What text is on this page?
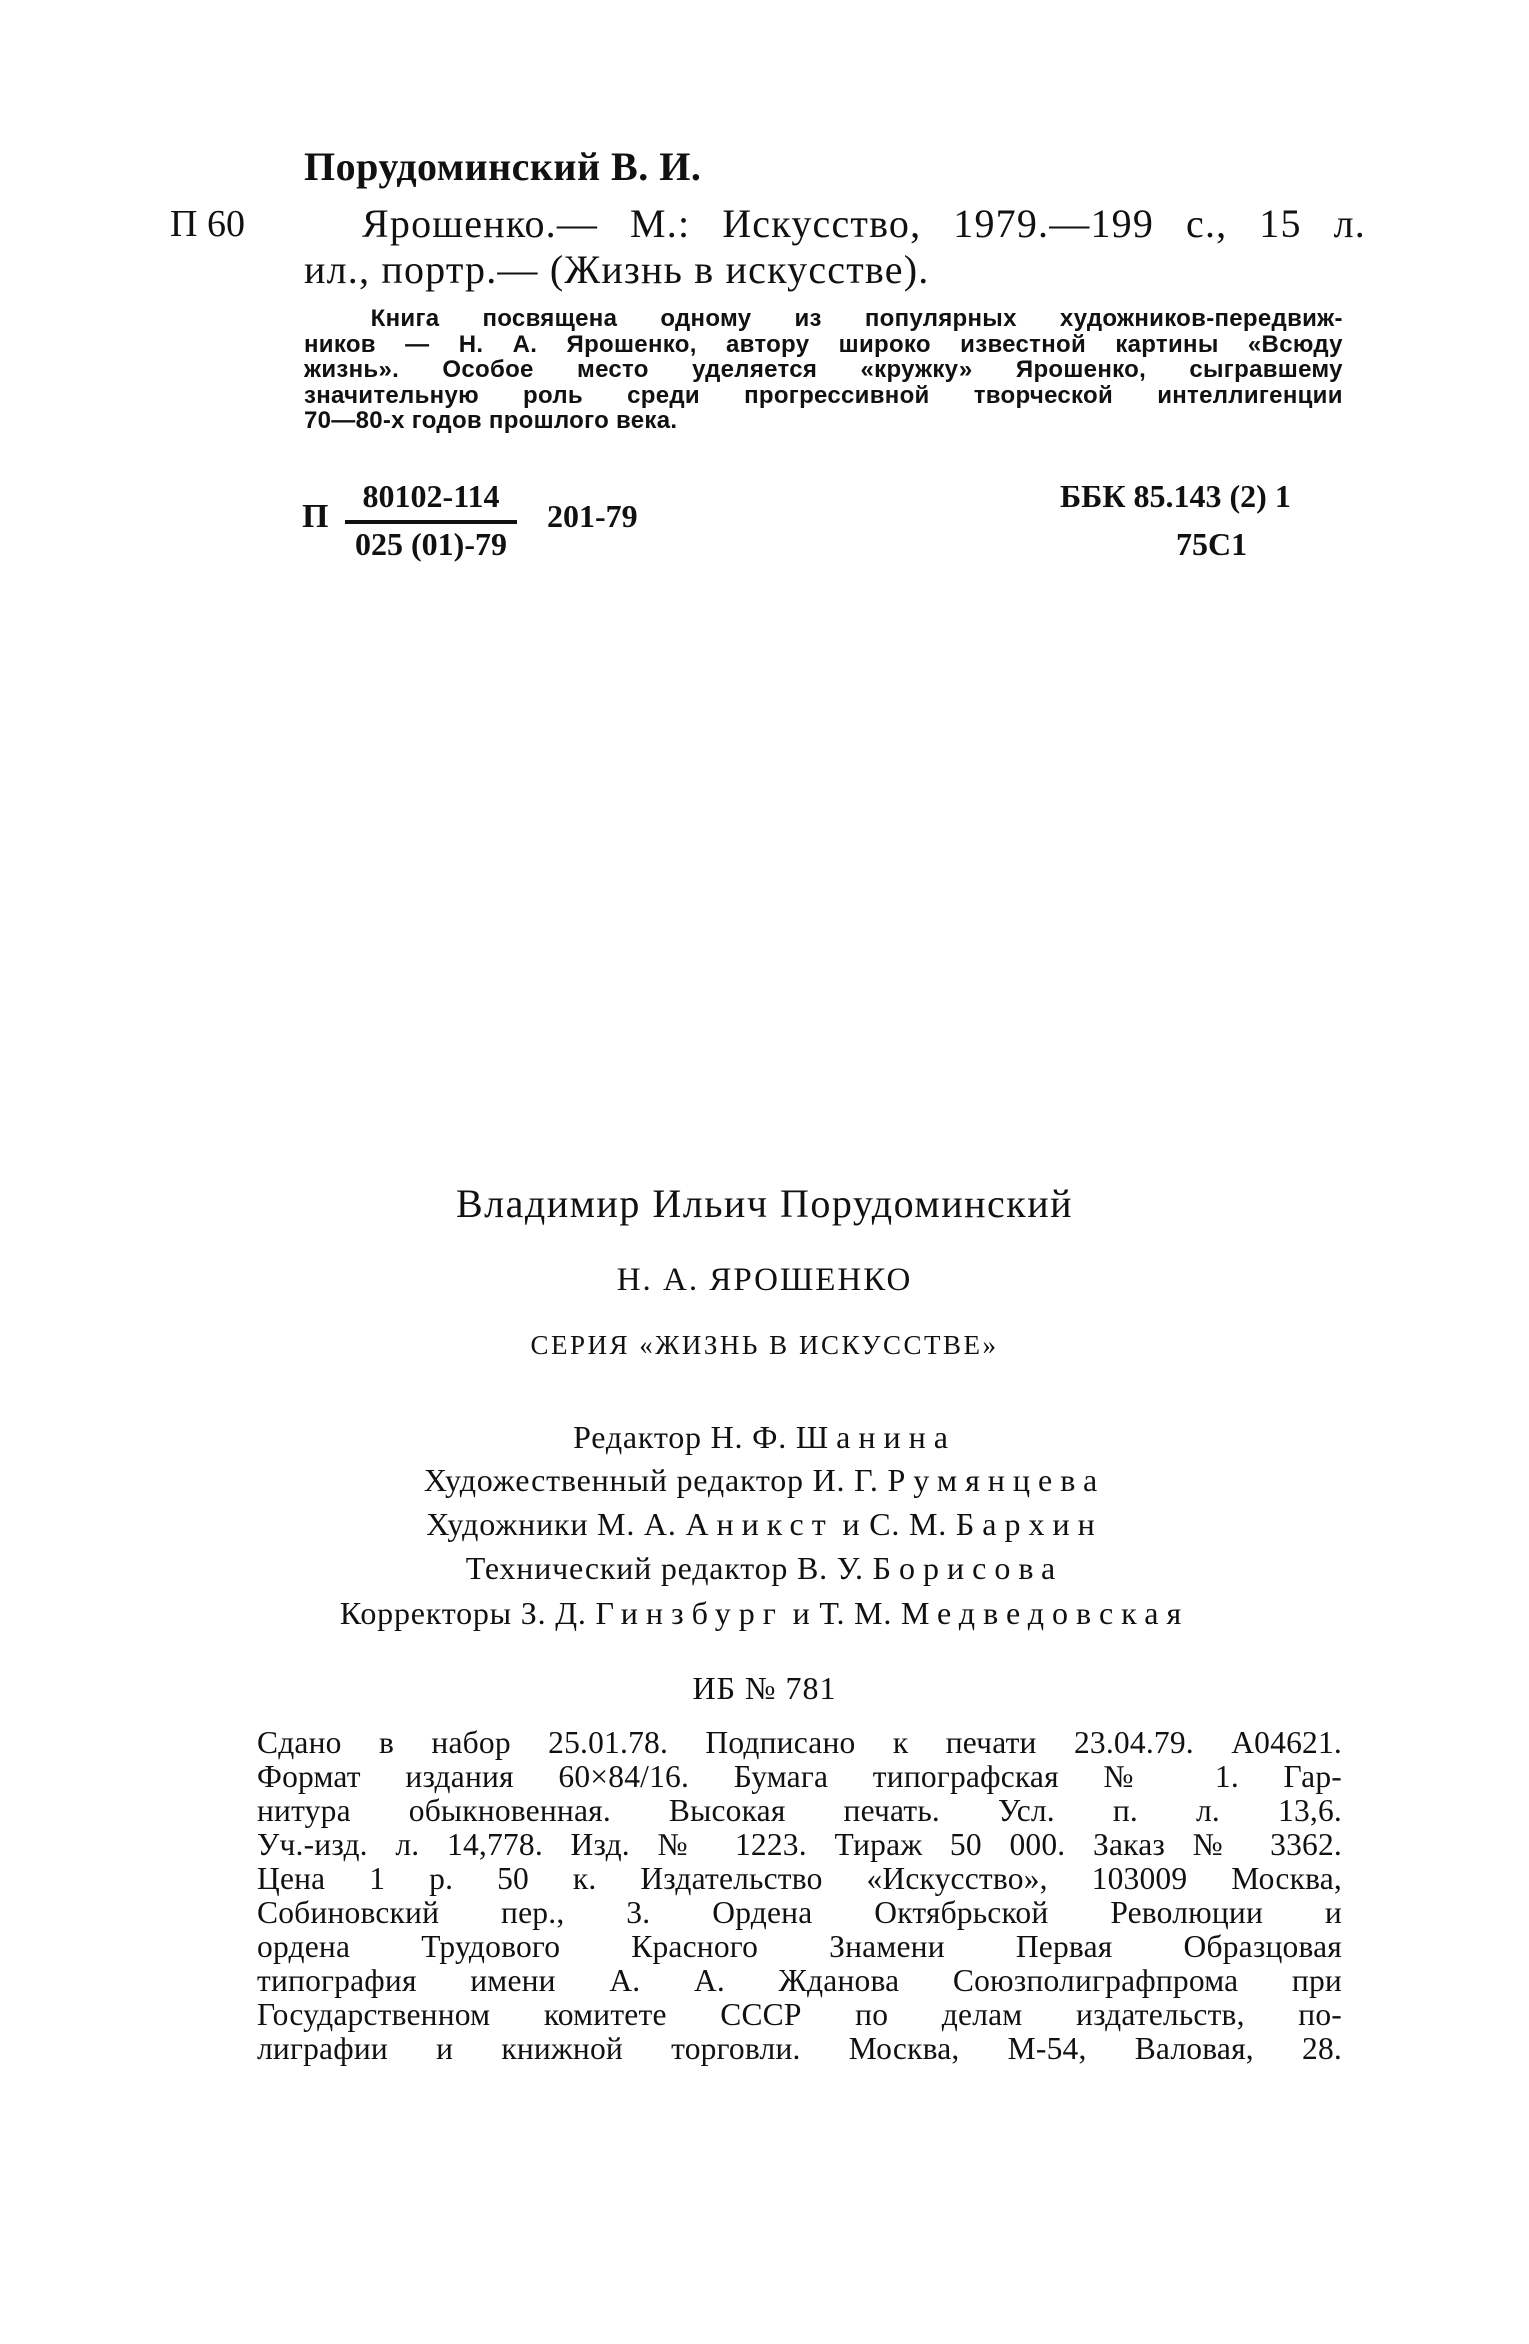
Порудоминский В. И.
П 60	Ярошенко.— М.: Искусство, 1979.—199 с., 15 л.
ил., портр.— (Жизнь в искусстве).
Книга посвящена одному из популярных художников-передвиж-
ников — Н. А. Ярошенко, автору широко известной картины «Всюду
жизнь». Особое место уделяется «кружку» Ярошенко, сыгравшему
значительную роль среди прогрессивной творческой интеллигенции
70—80-х годов прошлого века.
П
80102-114
025 (01)-79
201-79
ББК 85.143 (2) 1
75С1
Владимир Ильич Порудоминский
Н. А. ЯРОШЕНКО
СЕРИЯ «ЖИЗНЬ В ИСКУССТВЕ»
Редактор Н. Ф. Шанина
Художественный редактор И. Г. Румянцева
Художники М. А. Аникст и С. М. Бархин
Технический редактор В. У. Борисова
Корректоры З. Д. Гинзбург и Т. М. Медведовская
ИБ № 781
Сдано в набор 25.01.78. Подписано к печати 23.04.79. А04621.
Формат издания 60×84/16. Бумага типографская № 1. Гар-
нитура обыкновенная. Высокая печать. Усл. п. л. 13,6.
Уч.-изд. л. 14,778. Изд. № 1223. Тираж 50 000. Заказ № 3362.
Цена 1 р. 50 к. Издательство «Искусство», 103009 Москва,
Собиновский пер., 3. Ордена Октябрьской Революции и
ордена Трудового Красного Знамени Первая Образцовая
типография имени А. А. Жданова Союзполиграфпрома при
Государственном комитете СССР по делам издательств, по-
лиграфии и книжной торговли. Москва, М-54, Валовая, 28.
